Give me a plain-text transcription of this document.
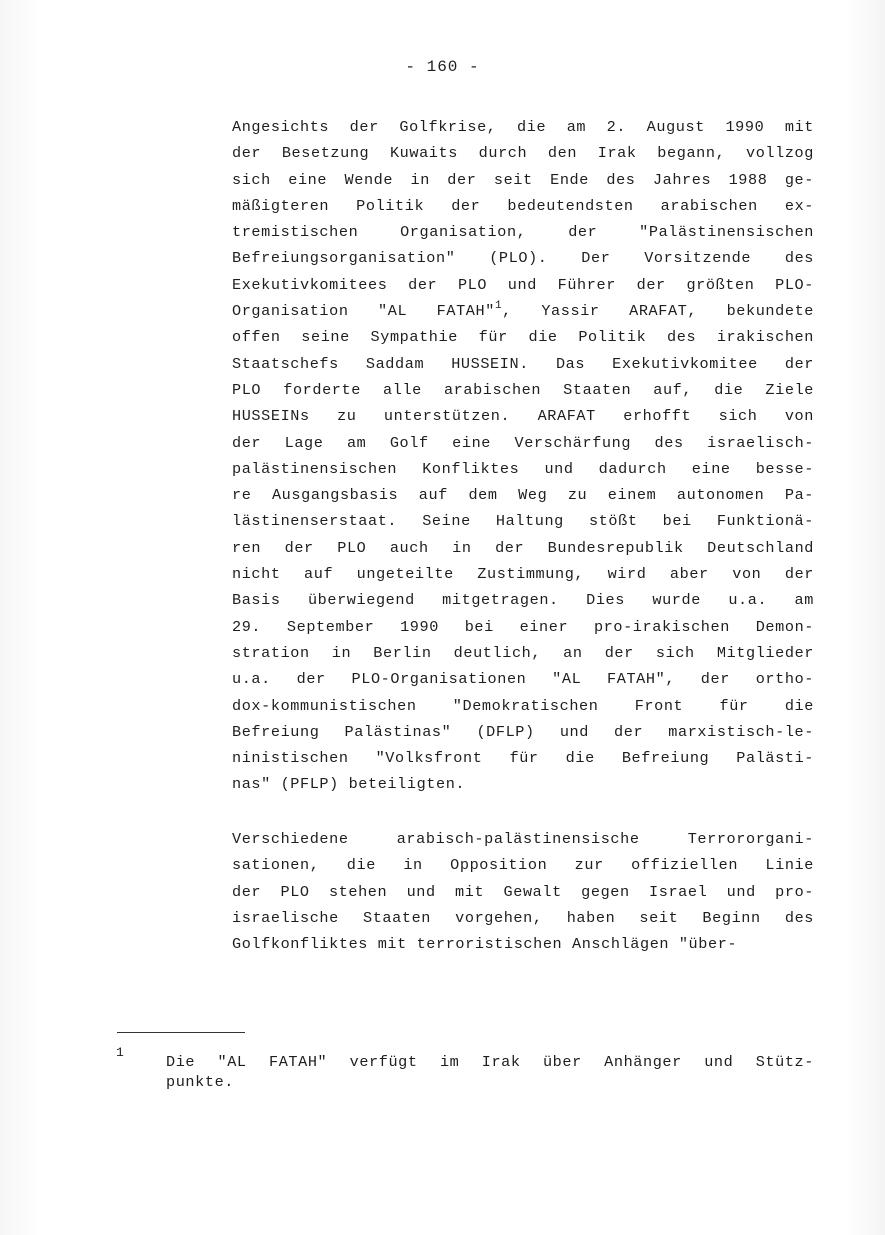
- 160 -
Angesichts der Golfkrise, die am 2. August 1990 mit
der Besetzung Kuwaits durch den Irak begann, vollzog
sich eine Wende in der seit Ende des Jahres 1988 ge-
mäßigteren Politik der bedeutendsten arabischen ex-
tremistischen Organisation, der "Palästinensischen
Befreiungsorganisation" (PLO). Der Vorsitzende des
Exekutivkomitees der PLO und Führer der größten PLO-
Organisation "AL FATAH"$^1$, Yassir ARAFAT, bekundete
offen seine Sympathie für die Politik des irakischen
Staatschefs Saddam HUSSEIN. Das Exekutivkomitee der
PLO forderte alle arabischen Staaten auf, die Ziele
HUSSEINs zu unterstützen. ARAFAT erhofft sich von
der Lage am Golf eine Verschärfung des israelisch-
palästinensischen Konfliktes und dadurch eine besse-
re Ausgangsbasis auf dem Weg zu einem autonomen Pa-
lästinenserstaat. Seine Haltung stößt bei Funktionä-
ren der PLO auch in der Bundesrepublik Deutschland
nicht auf ungeteilte Zustimmung, wird aber von der
Basis überwiegend mitgetragen. Dies wurde u.a. am
29. September 1990 bei einer pro-irakischen Demon-
stration in Berlin deutlich, an der sich Mitglieder
u.a. der PLO-Organisationen "AL FATAH", der ortho-
dox-kommunistischen "Demokratischen Front für die
Befreiung Palästinas" (DFLP) und der marxistisch-le-
ninistischen "Volksfront für die Befreiung Palästi-
nas" (PFLP) beteiligten.
Verschiedene arabisch-palästinensische Terrororgani-
sationen, die in Opposition zur offiziellen Linie
der PLO stehen und mit Gewalt gegen Israel und pro-
israelische Staaten vorgehen, haben seit Beginn des
Golfkonfliktes mit terroristischen Anschlägen "über-
1
Die "AL FATAH" verfügt im Irak über Anhänger und Stütz-
punkte.
